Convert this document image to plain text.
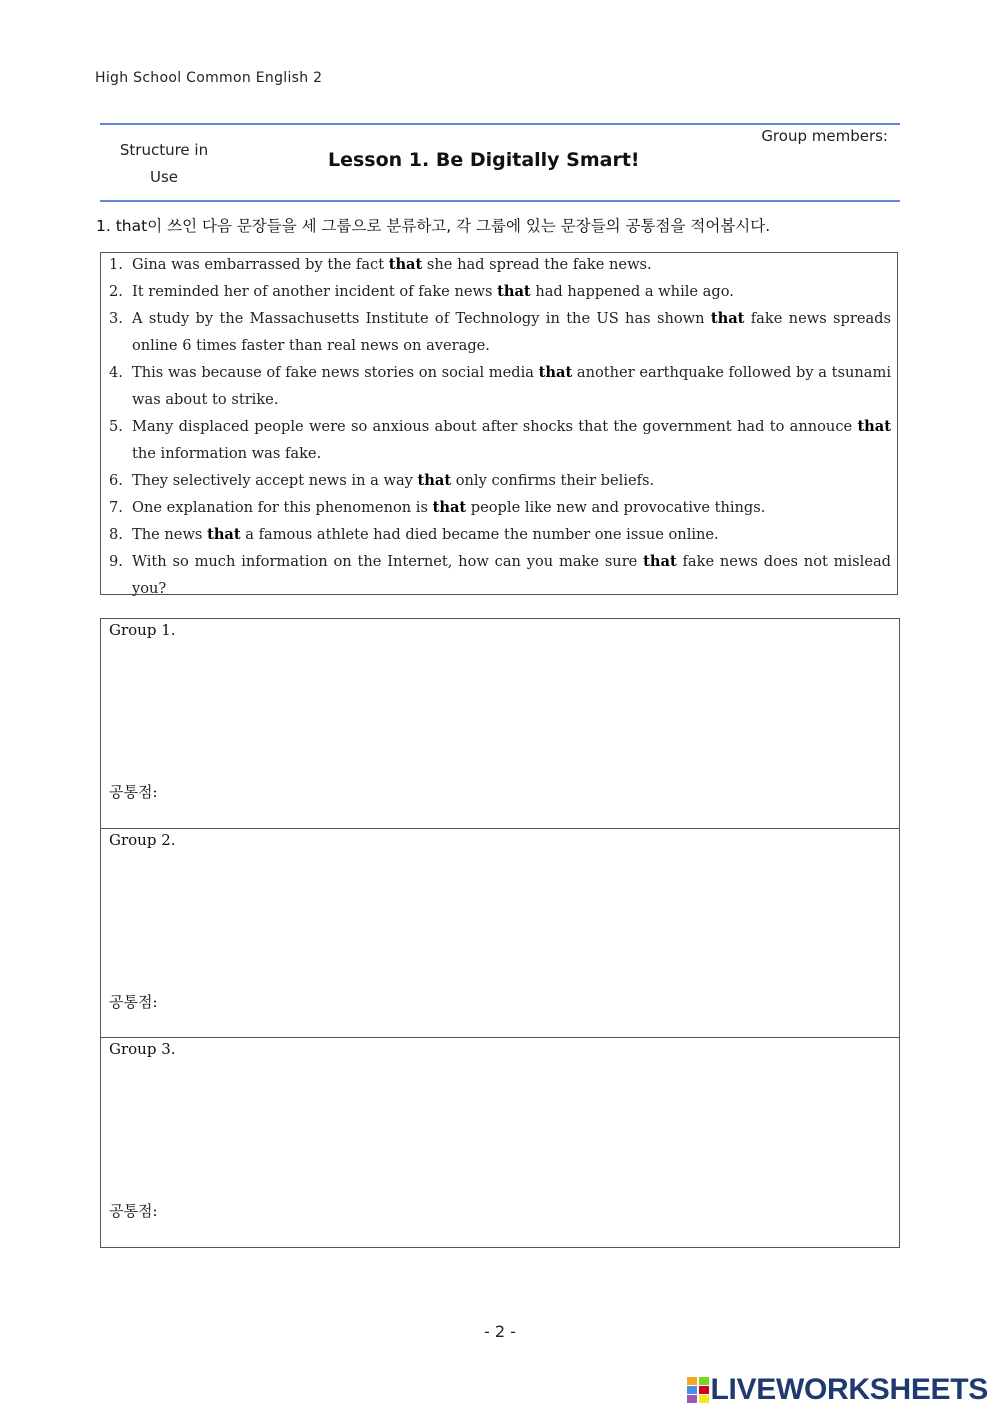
High School Common English 2
Structure in
Use
Lesson 1. Be Digitally Smart!
Group members:
1. that이 쓰인 다음 문장들을 세 그룹으로 분류하고, 각 그룹에 있는 문장들의 공통점을 적어봅시다.
1. Gina was embarrassed by the fact that she had spread the fake news.
2. It reminded her of another incident of fake news that had happened a while ago.
3. A study by the Massachusetts Institute of Technology in the US has shown that fake news spreads online 6 times faster than real news on average.
4. This was because of fake news stories on social media that another earthquake followed by a tsunami was about to strike.
5. Many displaced people were so anxious about after shocks that the government had to annouce that the information was fake.
6. They selectively accept news in a way that only confirms their beliefs.
7. One explanation for this phenomenon is that people like new and provocative things.
8. The news that a famous athlete had died became the number one issue online.
9. With so much information on the Internet, how can you make sure that fake news does not mislead you?
Group 1.
공통점:
Group 2.
공통점:
Group 3.
공통점:
- 2 -
LIVEWORKSHEETS
